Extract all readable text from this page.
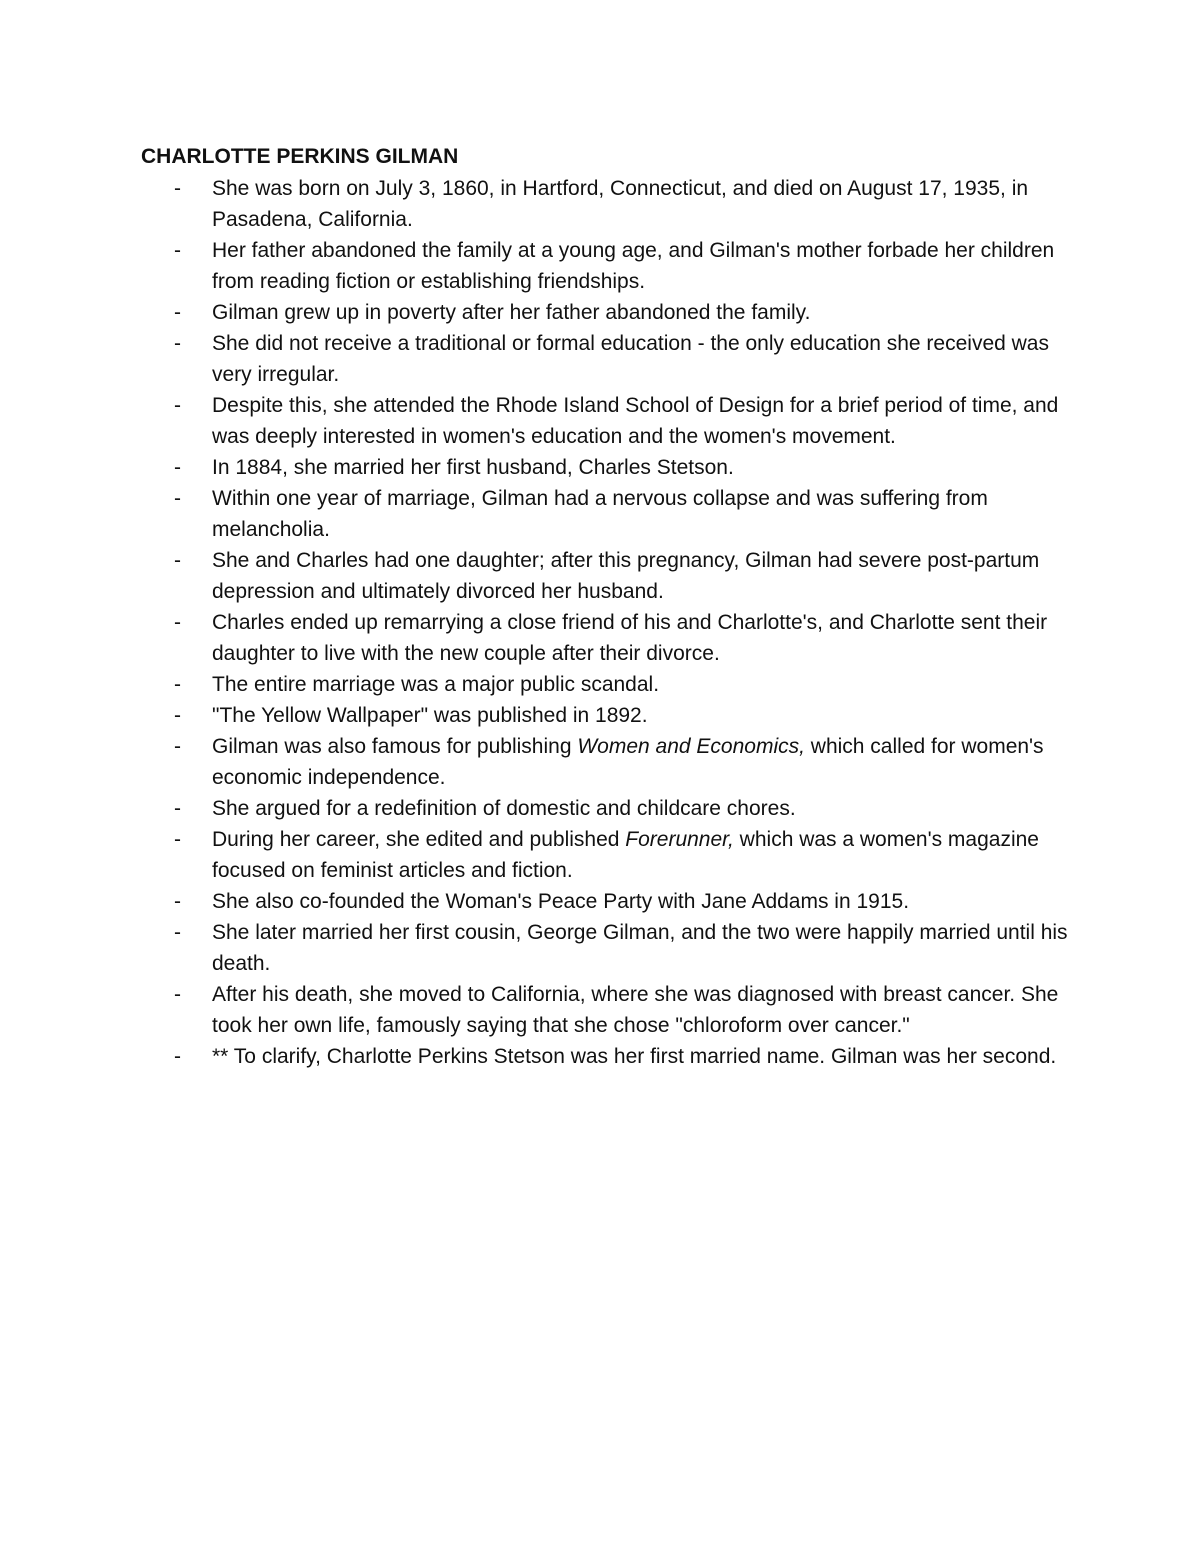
CHARLOTTE PERKINS GILMAN
- She was born on July 3, 1860, in Hartford, Connecticut, and died on August 17, 1935, in Pasadena, California.
- Her father abandoned the family at a young age, and Gilman's mother forbade her children from reading fiction or establishing friendships.
- Gilman grew up in poverty after her father abandoned the family.
- She did not receive a traditional or formal education - the only education she received was very irregular.
- Despite this, she attended the Rhode Island School of Design for a brief period of time, and was deeply interested in women's education and the women's movement.
- In 1884, she married her first husband, Charles Stetson.
- Within one year of marriage, Gilman had a nervous collapse and was suffering from melancholia.
- She and Charles had one daughter; after this pregnancy, Gilman had severe post-partum depression and ultimately divorced her husband.
- Charles ended up remarrying a close friend of his and Charlotte's, and Charlotte sent their daughter to live with the new couple after their divorce.
- The entire marriage was a major public scandal.
- "The Yellow Wallpaper" was published in 1892.
- Gilman was also famous for publishing Women and Economics, which called for women's economic independence.
- She argued for a redefinition of domestic and childcare chores.
- During her career, she edited and published Forerunner, which was a women's magazine focused on feminist articles and fiction.
- She also co-founded the Woman's Peace Party with Jane Addams in 1915.
- She later married her first cousin, George Gilman, and the two were happily married until his death.
- After his death, she moved to California, where she was diagnosed with breast cancer. She took her own life, famously saying that she chose "chloroform over cancer."
- ** To clarify, Charlotte Perkins Stetson was her first married name. Gilman was her second.
